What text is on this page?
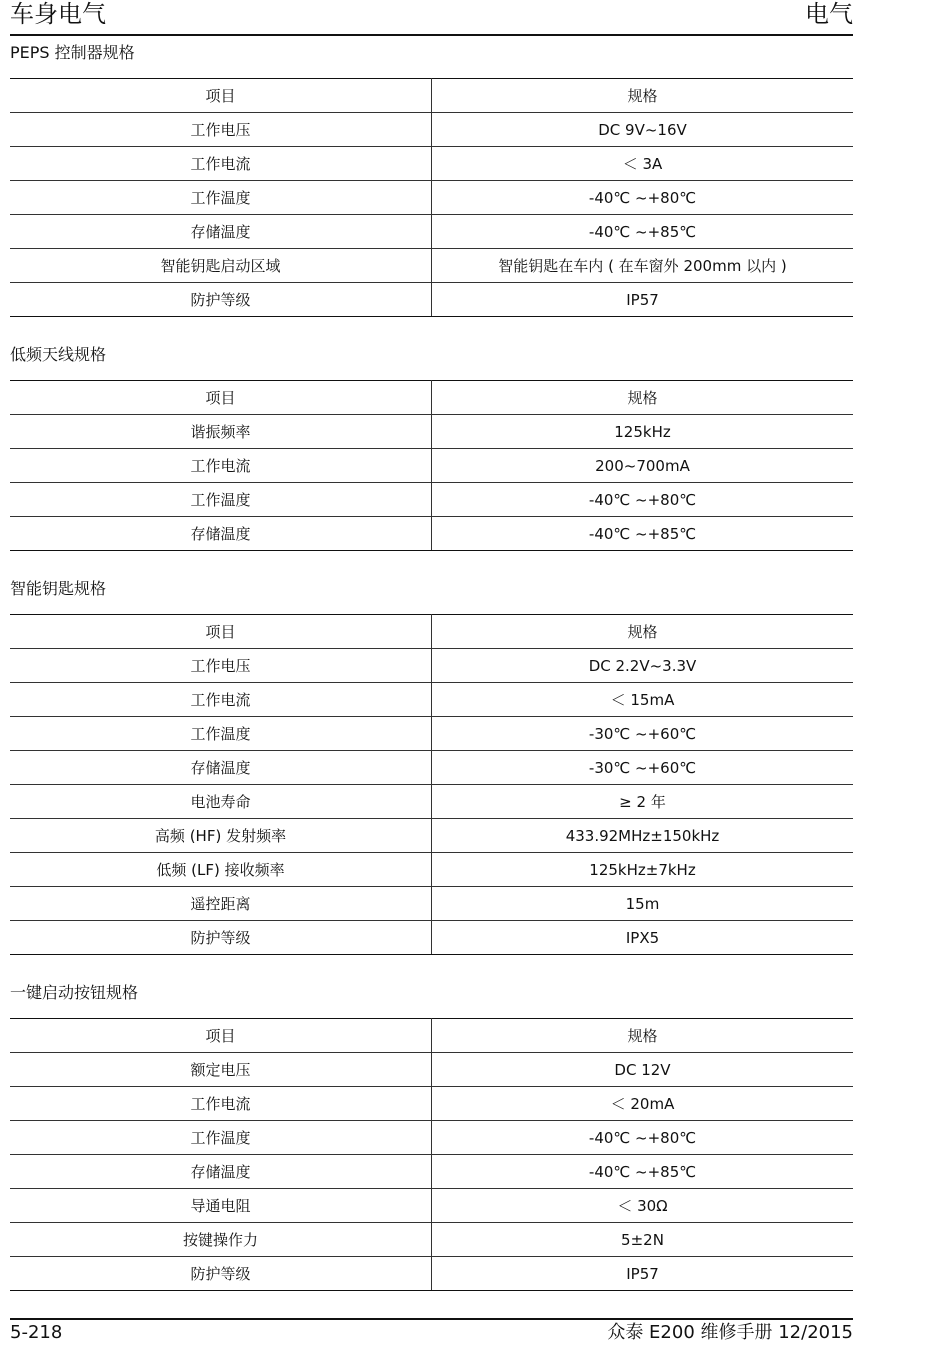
车身电气	电气
PEPS 控制器规格
项目	规格
工作电压	DC 9V~16V
工作电流	＜ 3A
工作温度	-40℃ ~+80℃
存储温度	-40℃ ~+85℃
智能钥匙启动区域	智能钥匙在车内 ( 在车窗外 200mm 以内 )
防护等级	IP57
低频天线规格
项目	规格
谐振频率	125kHz
工作电流	200~700mA
工作温度	-40℃ ~+80℃
存储温度	-40℃ ~+85℃
智能钥匙规格
项目	规格
工作电压	DC 2.2V~3.3V
工作电流	＜ 15mA
工作温度	-30℃ ~+60℃
存储温度	-30℃ ~+60℃
电池寿命	≥ 2 年
高频 (HF) 发射频率	433.92MHz±150kHz
低频 (LF) 接收频率	125kHz±7kHz
遥控距离	15m
防护等级	IPX5
一键启动按钮规格
项目	规格
额定电压	DC 12V
工作电流	＜ 20mA
工作温度	-40℃ ~+80℃
存储温度	-40℃ ~+85℃
导通电阻	＜ 30Ω
按键操作力	5±2N
防护等级	IP57
5-218	众泰 E200 维修手册 12/2015
